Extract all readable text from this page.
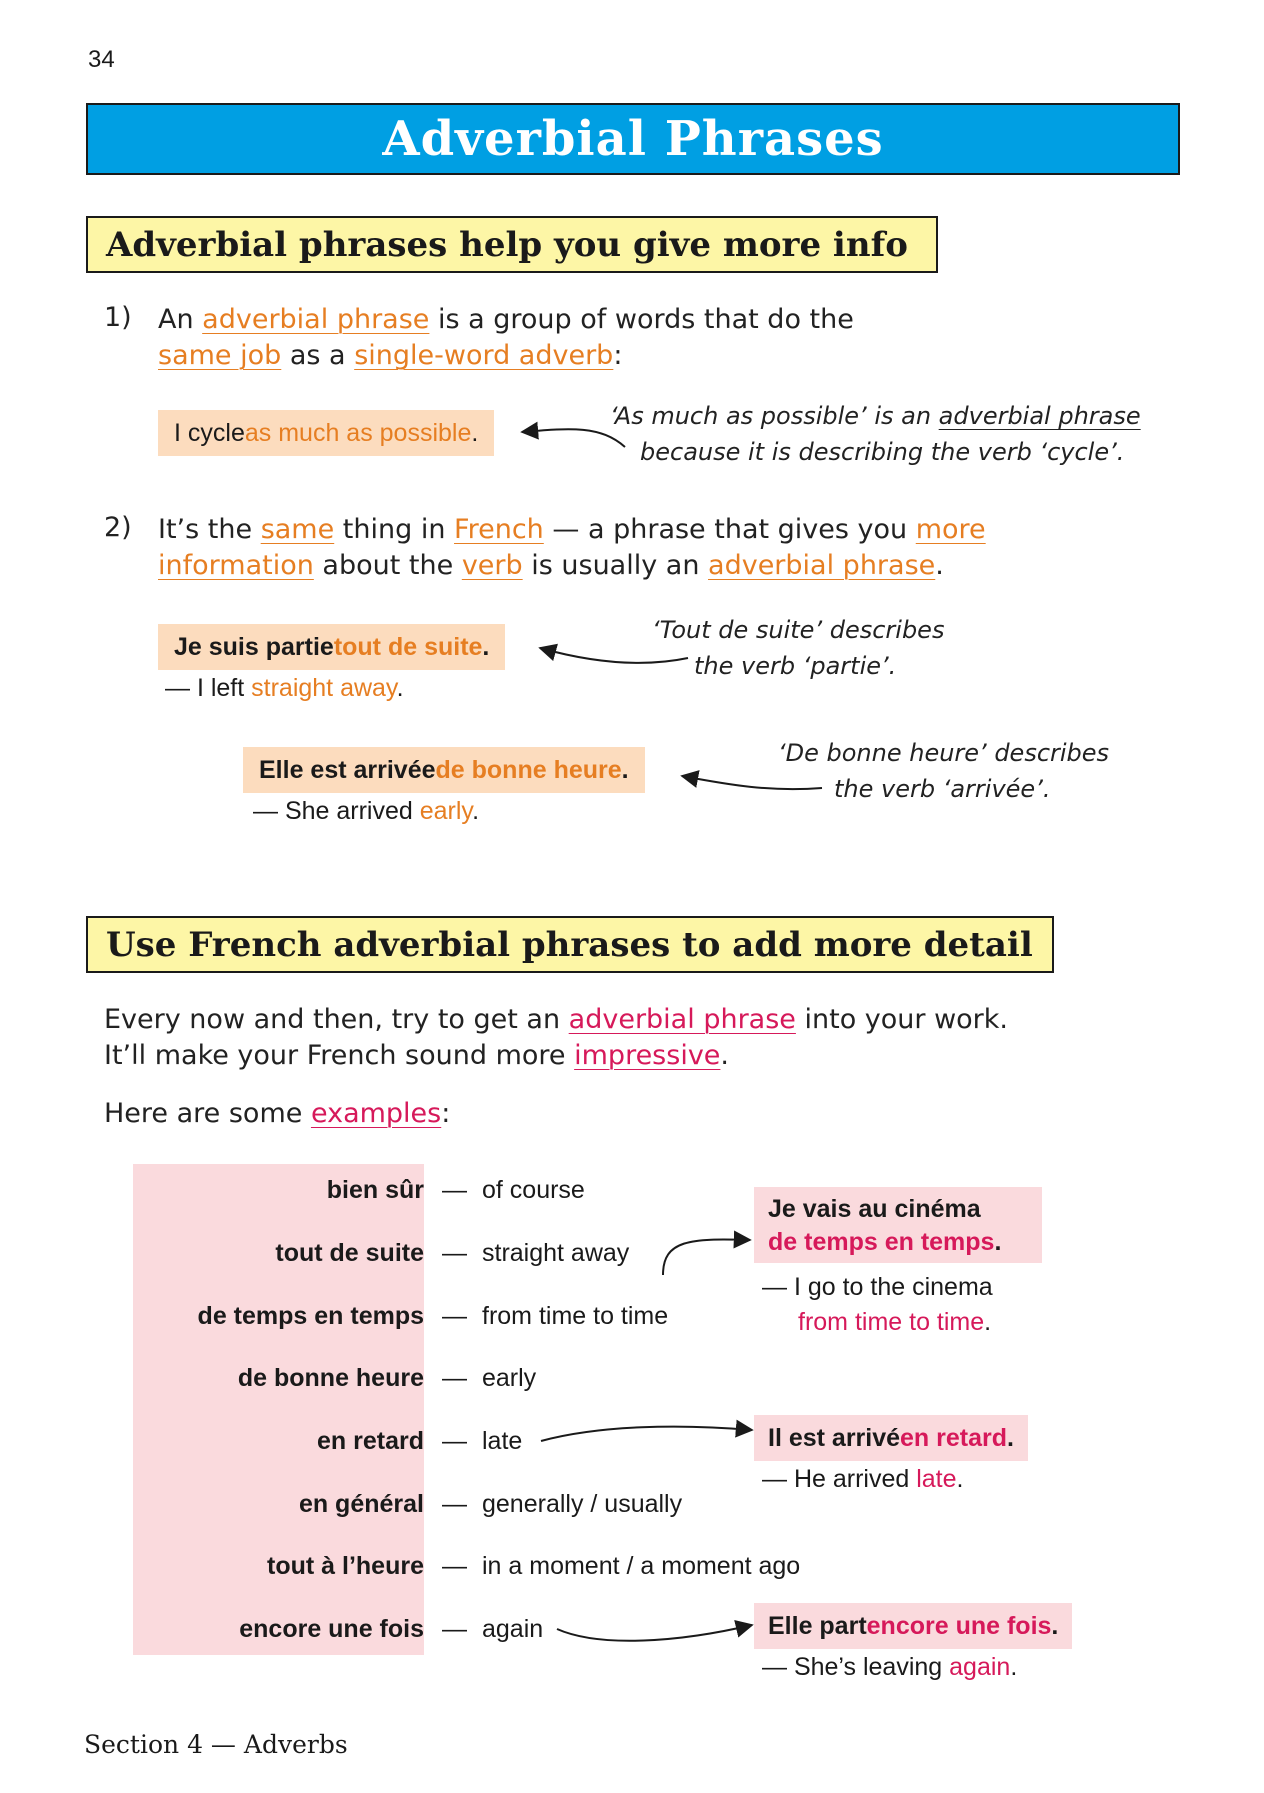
34
Adverbial Phrases
Adverbial phrases help you give more info
1) An adverbial phrase is a group of words that do the
same job as a single-word adverb:
I cycle as much as possible .
‘As much as possible’ is an adverbial phrase
because it is describing the verb ‘cycle’.
2) It’s the same thing in French — a phrase that gives you more
information about the verb is usually an adverbial phrase.
Je suis partie tout de suite .
— I left straight away.
‘Tout de suite’ describes
the verb ‘partie’.
Elle est arrivée de bonne heure .
— She arrived early.
‘De bonne heure’ describes
the verb ‘arrivée’.
Use French adverbial phrases to add more detail
Every now and then, try to get an adverbial phrase into your work.
It’ll make your French sound more impressive.
Here are some examples:
bien sûr — of course
tout de suite — straight away
de temps en temps — from time to time
de bonne heure — early
en retard — late
en général — generally / usually
tout à l’heure — in a moment / a moment ago
encore une fois — again
Je vais au cinéma
de temps en temps.
— I go to the cinema
from time to time.
Il est arrivé en retard .
— He arrived late.
Elle part encore une fois .
— She’s leaving again.
Section 4 — Adverbs
